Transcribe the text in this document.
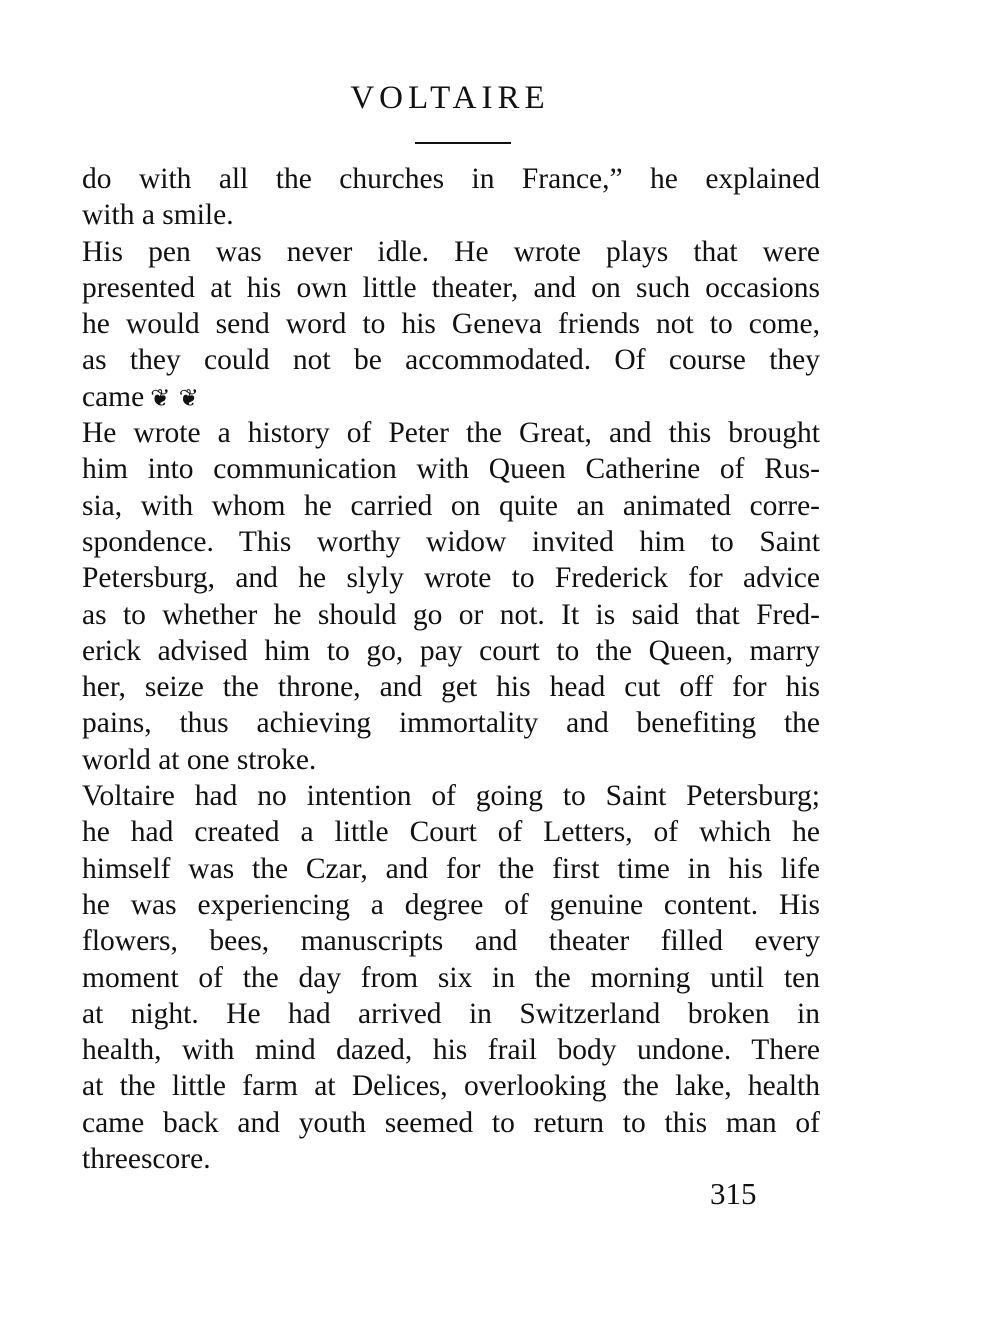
VOLTAIRE
do with all the churches in France,” he explained
with a smile.
His pen was never idle. He wrote plays that were
presented at his own little theater, and on such occasions
he would send word to his Geneva friends not to come,
as they could not be accommodated. Of course they
came ❦ ❦
He wrote a history of Peter the Great, and this brought
him into communication with Queen Catherine of Rus-
sia, with whom he carried on quite an animated corre-
spondence. This worthy widow invited him to Saint
Petersburg, and he slyly wrote to Frederick for advice
as to whether he should go or not. It is said that Fred-
erick advised him to go, pay court to the Queen, marry
her, seize the throne, and get his head cut off for his
pains, thus achieving immortality and benefiting the
world at one stroke.
Voltaire had no intention of going to Saint Petersburg;
he had created a little Court of Letters, of which he
himself was the Czar, and for the first time in his life
he was experiencing a degree of genuine content. His
flowers, bees, manuscripts and theater filled every
moment of the day from six in the morning until ten
at night. He had arrived in Switzerland broken in
health, with mind dazed, his frail body undone. There
at the little farm at Delices, overlooking the lake, health
came back and youth seemed to return to this man of
threescore.
315
